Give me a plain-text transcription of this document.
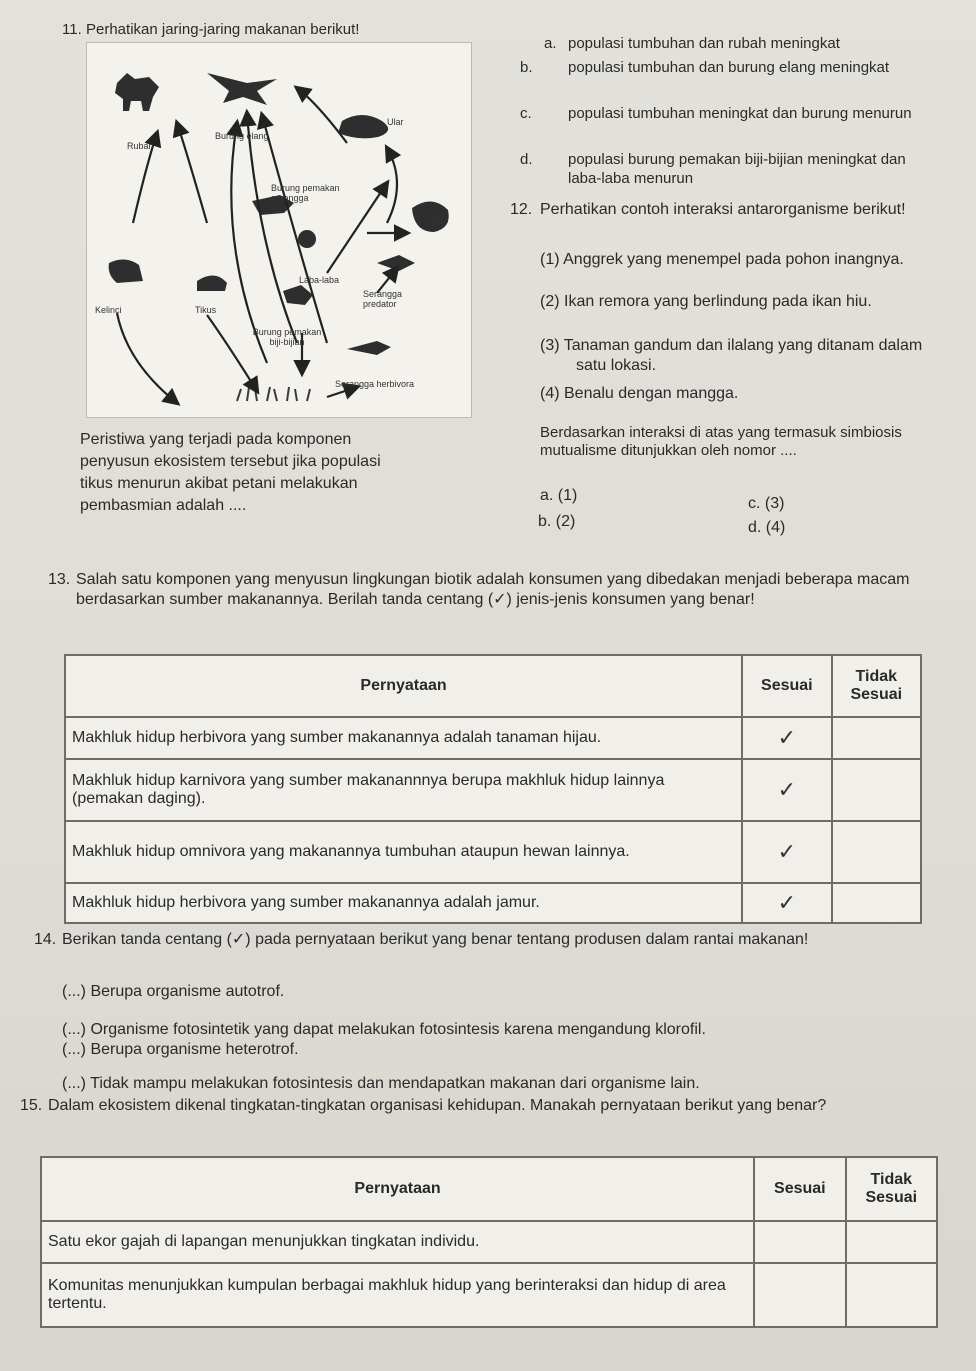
11. Perhatikan jaring-jaring makanan berikut!
Rubah
Burung elang
Ular
Burung pemakan serangga
Katak
Laba-laba
Serangga predator
Kelinci	Tikus
Burung pemakan biji-bijian
Serangga herbivora
Peristiwa yang terjadi pada komponen
penyusun ekosistem tersebut jika populasi
tikus menurun akibat petani melakukan
pembasmian adalah ....
a. populasi tumbuhan dan rubah meningkat
b. populasi tumbuhan dan burung elang meningkat
c. populasi tumbuhan meningkat dan burung menurun
d. populasi burung pemakan biji-bijian meningkat dan laba-laba menurun
12. Perhatikan contoh interaksi antarorganisme berikut!
(1) Anggrek yang menempel pada pohon inangnya.
(2) Ikan remora yang berlindung pada ikan hiu.
(3) Tanaman gandum dan ilalang yang ditanam dalam satu lokasi.
(4) Benalu dengan mangga.
Berdasarkan interaksi di atas yang termasuk simbiosis mutualisme ditunjukkan oleh nomor ....
a. (1)
b. (2)
c. (3)
d. (4)
13. Salah satu komponen yang menyusun lingkungan biotik adalah konsumen yang dibedakan menjadi beberapa macam berdasarkan sumber makanannya. Berilah tanda centang (✓) jenis-jenis konsumen yang benar!
Pernyataan	Sesuai	Tidak Sesuai
Makhluk hidup herbivora yang sumber makanannya adalah tanaman hijau.	✓	
Makhluk hidup karnivora yang sumber makanannnya berupa makhluk hidup lainnya (pemakan daging).	✓	
Makhluk hidup omnivora yang makanannya tumbuhan ataupun hewan lainnya.	✓	
Makhluk hidup herbivora yang sumber makanannya adalah jamur.	✓	
14. Berikan tanda centang (✓) pada pernyataan berikut yang benar tentang produsen dalam rantai makanan!
(...) Berupa organisme autotrof.
(...) Organisme fotosintetik yang dapat melakukan fotosintesis karena mengandung klorofil.
(...) Berupa organisme heterotrof.
(...) Tidak mampu melakukan fotosintesis dan mendapatkan makanan dari organisme lain.
15. Dalam ekosistem dikenal tingkatan-tingkatan organisasi kehidupan. Manakah pernyataan berikut yang benar?
Pernyataan	Sesuai	Tidak Sesuai
Satu ekor gajah di lapangan menunjukkan tingkatan individu.		
Komunitas menunjukkan kumpulan berbagai makhluk hidup yang berinteraksi dan hidup di area tertentu.		
